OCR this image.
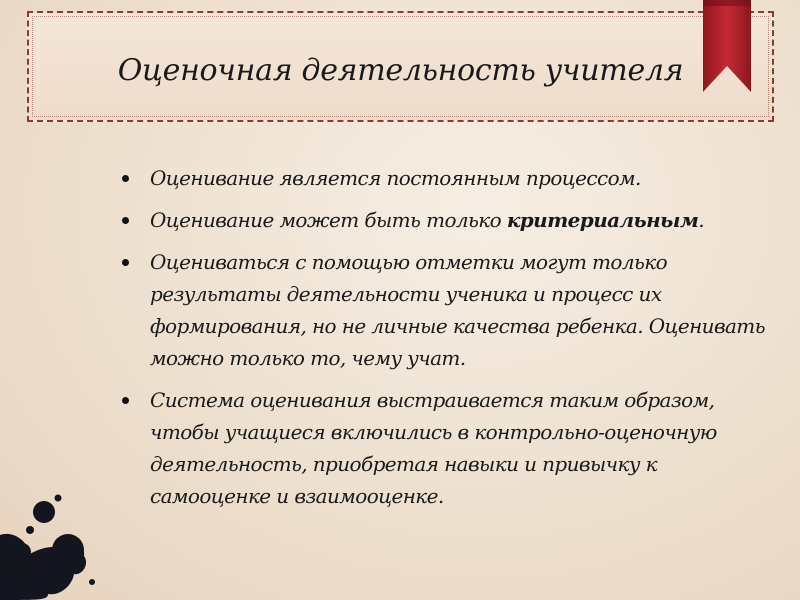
Оценочная деятельность учителя
Оценивание является постоянным процессом.
Оценивание может быть только критериальным.
Оцениваться с помощью отметки могут только результаты деятельности ученика и процесс их формирования, но не личные качества ребенка. Оценивать можно только то, чему учат.
Система оценивания выстраивается таким образом, чтобы учащиеся включились в контрольно-оценочную деятельность, приобретая навыки и привычку к самооценке и взаимооценке.
